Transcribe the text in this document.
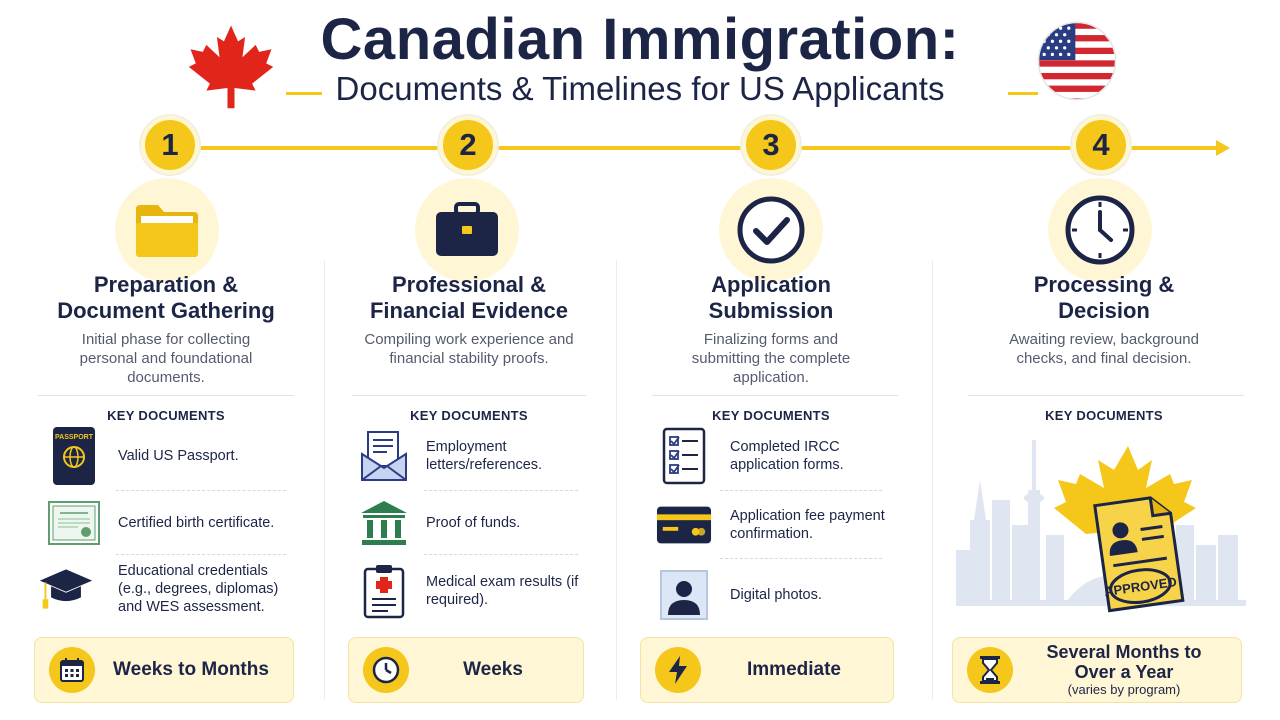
Canadian Immigration:
Documents & Timelines for US Applicants
1
Preparation &
Document Gathering
Initial phase for collecting personal and foundational documents.
KEY DOCUMENTS
PASSPORT
Valid US Passport.
Certified birth certificate.
Educational credentials (e.g., degrees, diplomas) and WES assessment.
Weeks to Months
2
Professional &
Financial Evidence
Compiling work experience and financial stability proofs.
KEY DOCUMENTS
Employment letters/references.
Proof of funds.
Medical exam results (if required).
Weeks
3
Application
Submission
Finalizing forms and submitting the complete application.
KEY DOCUMENTS
Completed IRCC application forms.
Application fee payment confirmation.
Digital photos.
Immediate
4
Processing &
Decision
Awaiting review, background checks, and final decision.
KEY DOCUMENTS
Several Months to
Over a Year
(varies by program)
APPROVED
